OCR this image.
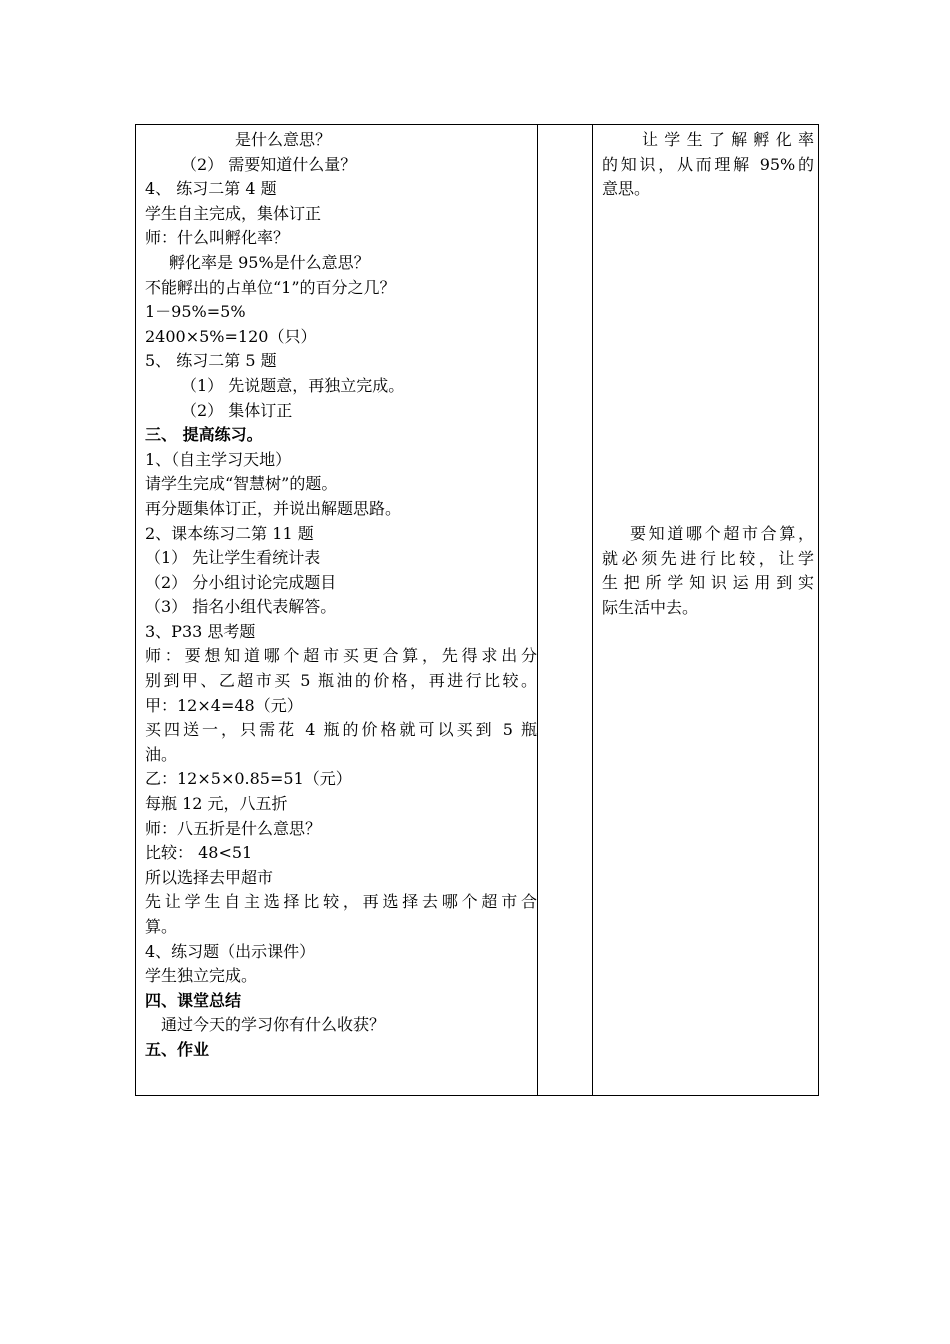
是什么意思？
（2） 需要知道什么量？
4、 练习二第 4 题
学生自主完成，集体订正
师：什么叫孵化率？
孵化率是 95%是什么意思？
不能孵出的占单位“1”的百分之几？
1－95%=5%
2400×5%=120（只）
5、 练习二第 5 题
（1） 先说题意，再独立完成。
（2） 集体订正
三、 提高练习。
1、（自主学习天地）
请学生完成“智慧树”的题。
再分题集体订正，并说出解题思路。
2、课本练习二第 11 题
（1） 先让学生看统计表
（2） 分小组讨论完成题目
（3） 指名小组代表解答。
3、P33 思考题
师：要想知道哪个超市买更合算，先得求出分
别到甲、乙超市买 5 瓶油的价格，再进行比较。
甲：12×4=48（元）
买四送一，只需花 4 瓶的价格就可以买到 5 瓶
油。
乙：12×5×0.85=51（元）
每瓶 12 元，八五折
师：八五折是什么意思？
比较： 48<51
所以选择去甲超市
先让学生自主选择比较，再选择去哪个超市合
算。
4、练习题（出示课件）
学生独立完成。
四、课堂总结
通过今天的学习你有什么收获？
五、作业
让学生了解孵化率
的知识，从而理解 95%的
意思。
要知道哪个超市合算，
就必须先进行比较，让学
生把所学知识运用到实
际生活中去。
